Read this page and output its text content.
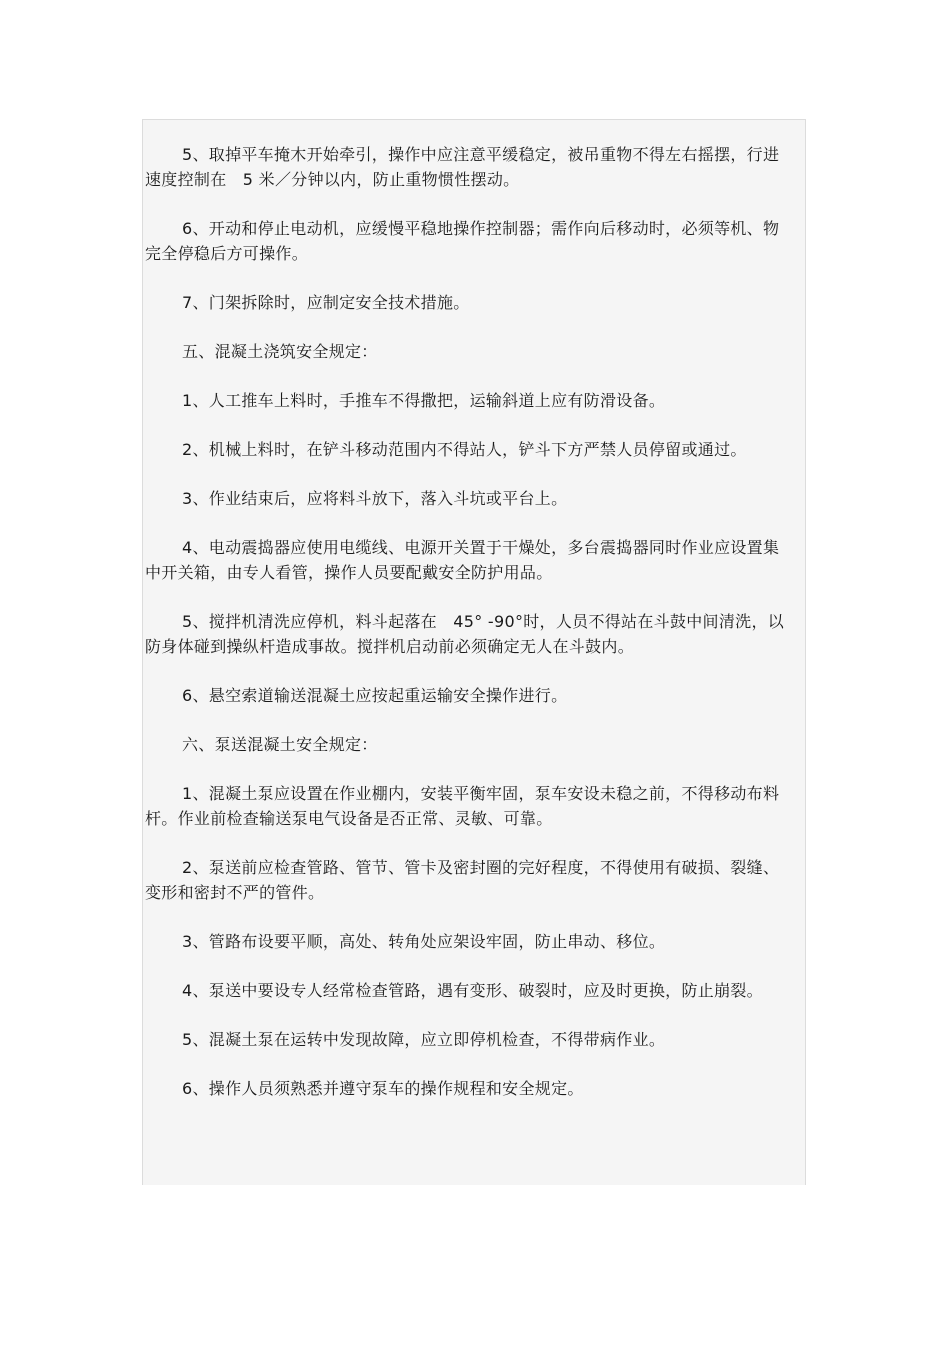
5、取掉平车掩木开始牵引，操作中应注意平缓稳定，被吊重物不得左右摇摆，行进速度控制在　5 米／分钟以内，防止重物惯性摆动。

6、开动和停止电动机，应缓慢平稳地操作控制器；需作向后移动时，必须等机、物完全停稳后方可操作。

7、门架拆除时，应制定安全技术措施。

五、混凝土浇筑安全规定：

1、人工推车上料时，手推车不得撒把，运输斜道上应有防滑设备。

2、机械上料时，在铲斗移动范围内不得站人，铲斗下方严禁人员停留或通过。

3、作业结束后，应将料斗放下，落入斗坑或平台上。

4、电动震捣器应使用电缆线、电源开关置于干燥处，多台震捣器同时作业应设置集中开关箱，由专人看管，操作人员要配戴安全防护用品。

5、搅拌机清洗应停机，料斗起落在　45° -90°时，人员不得站在斗鼓中间清洗，以防身体碰到操纵杆造成事故。搅拌机启动前必须确定无人在斗鼓内。

6、悬空索道输送混凝土应按起重运输安全操作进行。

六、泵送混凝土安全规定：

1、混凝土泵应设置在作业棚内，安装平衡牢固，泵车安设未稳之前，不得移动布料杆。作业前检查输送泵电气设备是否正常、灵敏、可靠。

2、泵送前应检查管路、管节、管卡及密封圈的完好程度，不得使用有破损、裂缝、变形和密封不严的管件。

3、管路布设要平顺，高处、转角处应架设牢固，防止串动、移位。

4、泵送中要设专人经常检查管路，遇有变形、破裂时，应及时更换，防止崩裂。

5、混凝土泵在运转中发现故障，应立即停机检查，不得带病作业。

6、操作人员须熟悉并遵守泵车的操作规程和安全规定。
